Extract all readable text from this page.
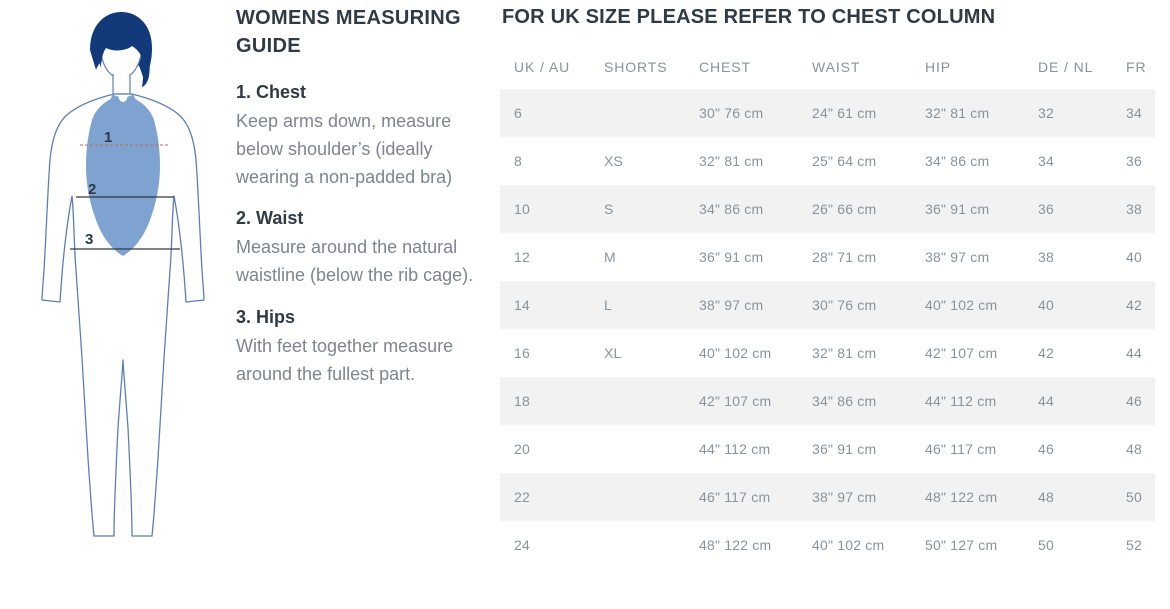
1
2
3
WOMENS MEASURING GUIDE
1. Chest
Keep arms down, measure below shoulder’s (ideally wearing a non-padded bra)
2. Waist
Measure around the natural waistline (below the rib cage).
3. Hips
With feet together measure around the fullest part.
FOR UK SIZE PLEASE REFER TO CHEST COLUMN
UK / AU	SHORTS	CHEST	WAIST	HIP	DE / NL	FR
6		30" 76 cm	24" 61 cm	32" 81 cm	32	34
8	XS	32" 81 cm	25" 64 cm	34" 86 cm	34	36
10	S	34" 86 cm	26" 66 cm	36" 91 cm	36	38
12	M	36" 91 cm	28" 71 cm	38" 97 cm	38	40
14	L	38" 97 cm	30" 76 cm	40" 102 cm	40	42
16	XL	40" 102 cm	32" 81 cm	42" 107 cm	42	44
18		42" 107 cm	34" 86 cm	44" 112 cm	44	46
20		44" 112 cm	36" 91 cm	46" 117 cm	46	48
22		46" 117 cm	38" 97 cm	48" 122 cm	48	50
24		48" 122 cm	40" 102 cm	50" 127 cm	50	52
